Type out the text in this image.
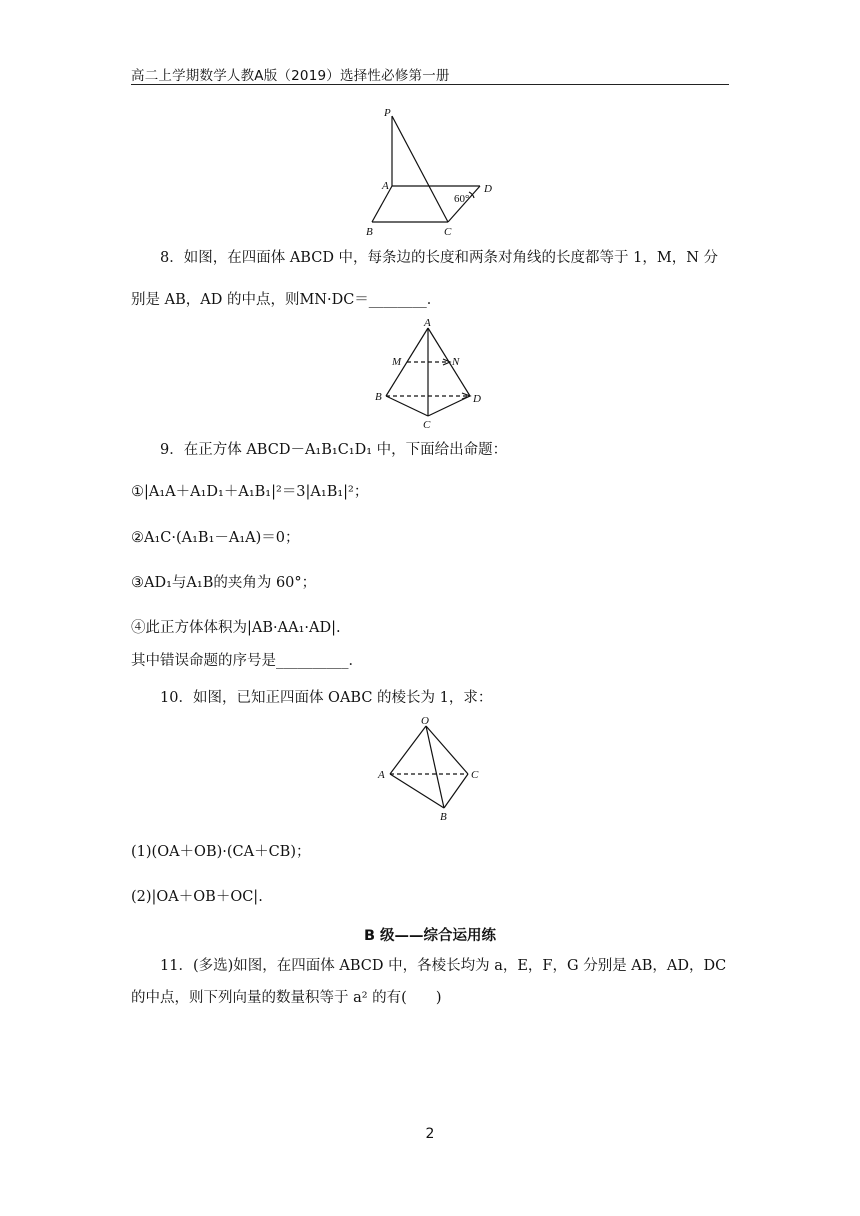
高二上学期数学人教A版（2019）选择性必修第一册
P
A
B	C
D
60°
8．如图，在四面体 ABCD 中，每条边的长度和两条对角线的长度都等于 1，M，N 分
别是 AB，AD 的中点，则MN·DC＝________．
A
M	N
B
C
D
9．在正方体 ABCD－A₁B₁C₁D₁ 中，下面给出命题：
①|A₁A＋A₁D₁＋A₁B₁|²＝3|A₁B₁|²；
②A₁C·(A₁B₁－A₁A)＝0；
③AD₁与A₁B的夹角为 60°；
④此正方体体积为|AB·AA₁·AD|.
其中错误命题的序号是__________．
10．如图，已知正四面体 OABC 的棱长为 1，求：
O
A	C
B
(1)(OA＋OB)·(CA＋CB)；
(2)|OA＋OB＋OC|.
B 级——综合运用练
11．(多选)如图，在四面体 ABCD 中，各棱长均为 a，E，F，G 分别是 AB，AD，DC
的中点，则下列向量的数量积等于 a² 的有(　　)
2
